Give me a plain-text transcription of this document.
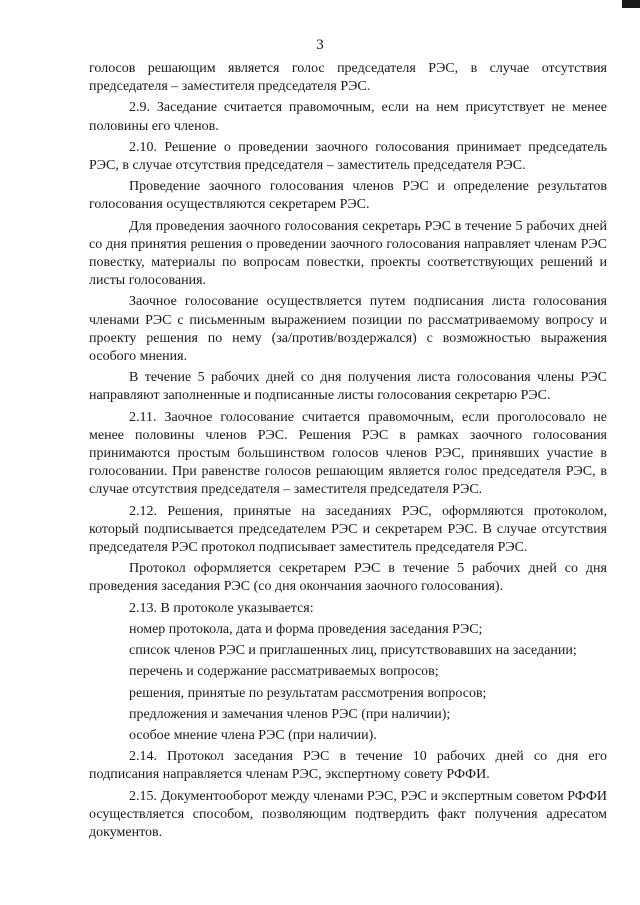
3

голосов решающим является голос председателя РЭС, в случае отсутствия председателя – заместителя председателя РЭС.

2.9. Заседание считается правомочным, если на нем присутствует не менее половины его членов.

2.10. Решение о проведении заочного голосования принимает председатель РЭС, в случае отсутствия председателя – заместитель председателя РЭС.

Проведение заочного голосования членов РЭС и определение результатов голосования осуществляются секретарем РЭС.

Для проведения заочного голосования секретарь РЭС в течение 5 рабочих дней со дня принятия решения о проведении заочного голосования направляет членам РЭС повестку, материалы по вопросам повестки, проекты соответствующих решений и листы голосования.

Заочное голосование осуществляется путем подписания листа голосования членами РЭС с письменным выражением позиции по рассматриваемому вопросу и проекту решения по нему (за/против/воздержался) с возможностью выражения особого мнения.

В течение 5 рабочих дней со дня получения листа голосования члены РЭС направляют заполненные и подписанные листы голосования секретарю РЭС.

2.11. Заочное голосование считается правомочным, если проголосовало не менее половины членов РЭС. Решения РЭС в рамках заочного голосования принимаются простым большинством голосов членов РЭС, принявших участие в голосовании. При равенстве голосов решающим является голос председателя РЭС, в случае отсутствия председателя – заместителя председателя РЭС.

2.12. Решения, принятые на заседаниях РЭС, оформляются протоколом, который подписывается председателем РЭС и секретарем РЭС. В случае отсутствия председателя РЭС протокол подписывает заместитель председателя РЭС.

Протокол оформляется секретарем РЭС в течение 5 рабочих дней со дня проведения заседания РЭС (со дня окончания заочного голосования).

2.13. В протоколе указывается:

номер протокола, дата и форма проведения заседания РЭС;

список членов РЭС и приглашенных лиц, присутствовавших на заседании;

перечень и содержание рассматриваемых вопросов;

решения, принятые по результатам рассмотрения вопросов;

предложения и замечания членов РЭС (при наличии);

особое мнение члена РЭС (при наличии).

2.14. Протокол заседания РЭС в течение 10 рабочих дней со дня его подписания направляется членам РЭС, экспертному совету РФФИ.

2.15. Документооборот между членами РЭС, РЭС и экспертным советом РФФИ осуществляется способом, позволяющим подтвердить факт получения адресатом документов.
